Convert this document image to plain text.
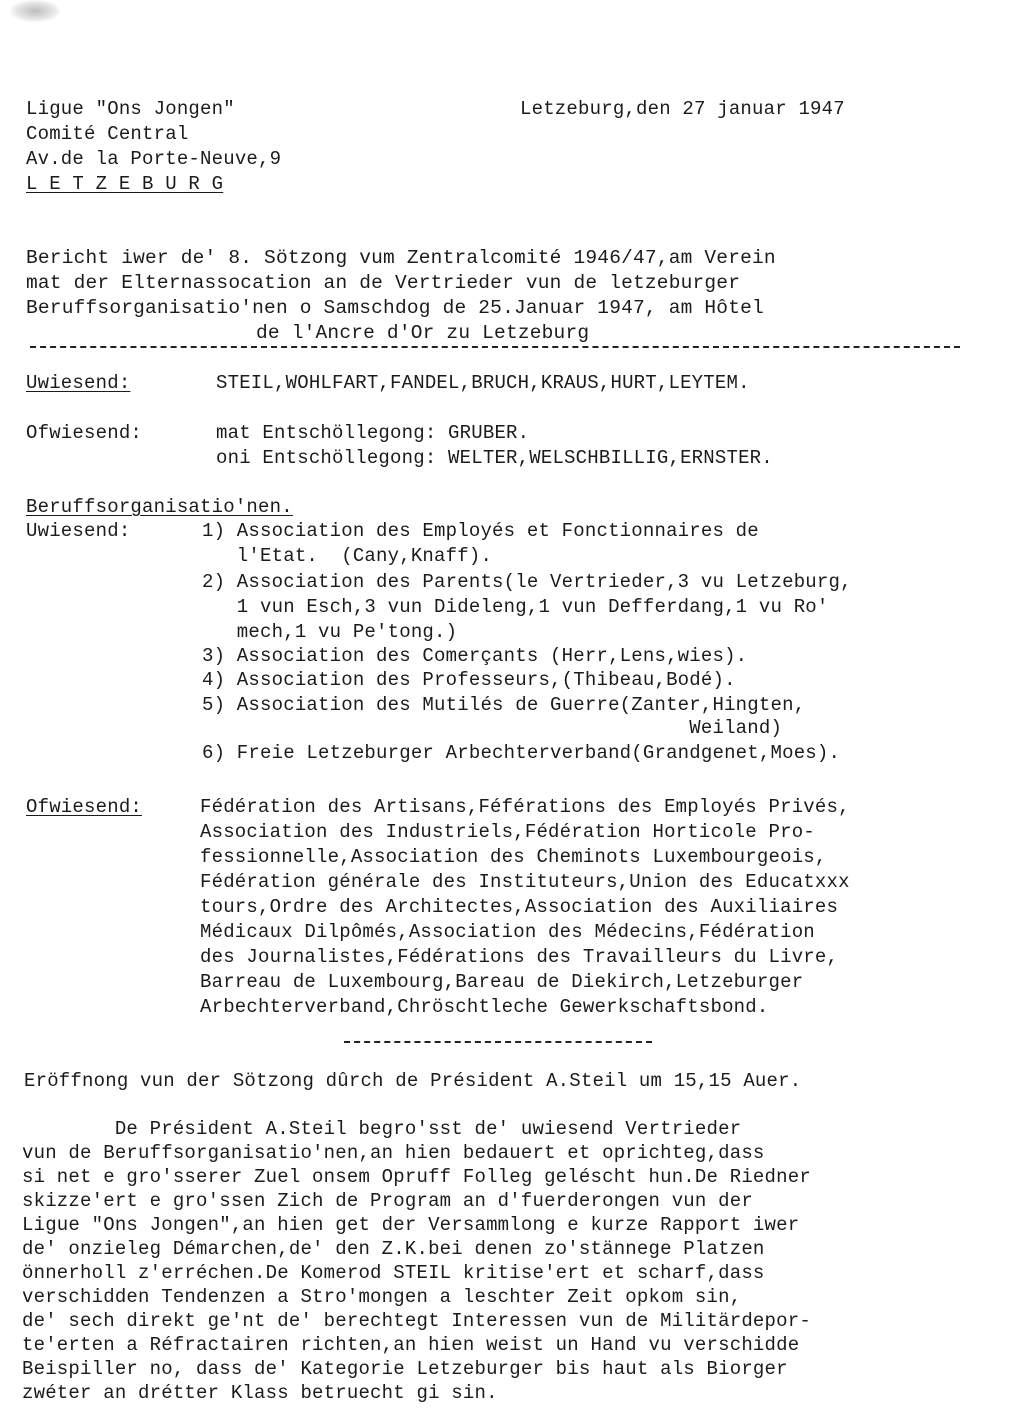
Ligue "Ons Jongen"
Comité Central
Av.de la Porte-Neuve,9
L E T Z E B U R G
Letzeburg,den 27 januar 1947
Bericht iwer de' 8. Sötzong vum Zentralcomité 1946/47,am Verein
mat der Elternassocation an de Vertrieder vun de letzeburger
Beruffsorganisatio'nen o Samschdog de 25.Januar 1947, am Hôtel
de l'Ancre d'Or zu Letzeburg
Uwiesend:	STEIL,WOHLFART,FANDEL,BRUCH,KRAUS,HURT,LEYTEM.
Ofwiesend:	mat Entschöllegong: GRUBER.
oni Entschöllegong: WELTER,WELSCHBILLIG,ERNSTER.
Beruffsorganisatio'nen.
Uwiesend:	1) Association des Employés et Fonctionnaires de
l'Etat.  (Cany,Knaff).
2) Association des Parents(le Vertrieder,3 vu Letzeburg,
1 vun Esch,3 vun Dideleng,1 vun Defferdang,1 vu Ro'
mech,1 vu Pe'tong.)
3) Association des Comerçants (Herr,Lens,wies).
4) Association des Professeurs,(Thibeau,Bodé).
5) Association des Mutilés de Guerre(Zanter,Hingten,
Weiland)
6) Freie Letzeburger Arbechterverband(Grandgenet,Moes).
Ofwiesend:	Fédération des Artisans,Féférations des Employés Privés,
Association des Industriels,Fédération Horticole Pro-
fessionnelle,Association des Cheminots Luxembourgeois,
Fédération générale des Instituteurs,Union des Educatxxx
tours,Ordre des Architectes,Association des Auxiliaires
Médicaux Dilpômés,Association des Médecins,Fédération
des Journalistes,Fédérations des Travailleurs du Livre,
Barreau de Luxembourg,Bareau de Diekirch,Letzeburger
Arbechterverband,Chröschtleche Gewerkschaftsbond.
Eröffnong vun der Sötzong dûrch de Président A.Steil um 15,15 Auer.
De Président A.Steil begro'sst de' uwiesend Vertrieder
vun de Beruffsorganisatio'nen,an hien bedauert et oprichteg,dass
si net e gro'sserer Zuel onsem Opruff Folleg geléscht hun.De Riedner
skizze'ert e gro'ssen Zich de Program an d'fuerderongen vun der
Ligue "Ons Jongen",an hien get der Versammlong e kurze Rapport iwer
de' onzieleg Démarchen,de' den Z.K.bei denen zo'stännege Platzen
önnerholl z'erréchen.De Komerod STEIL kritise'ert et scharf,dass
verschidden Tendenzen a Stro'mongen a leschter Zeit opkom sin,
de' sech direkt ge'nt de' berechtegt Interessen vun de Militärdepor-
te'erten a Réfractairen richten,an hien weist un Hand vu verschidde
Beispiller no, dass de' Kategorie Letzeburger bis haut als Biorger
zwéter an drétter Klass betruecht gi sin.
